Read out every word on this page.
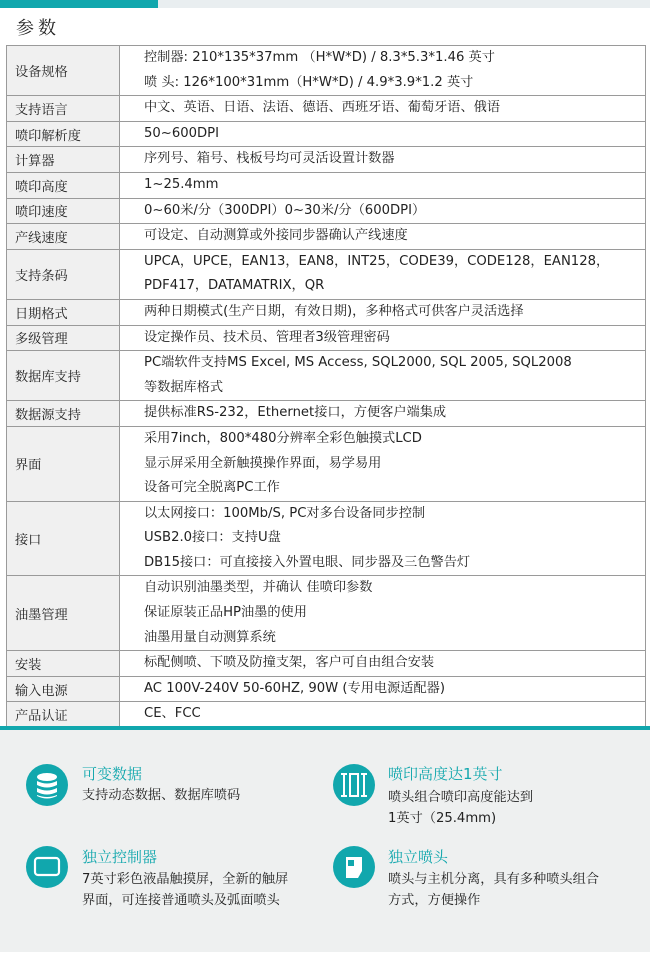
参数
设备规格	控制器: 210*135*37mm （H*W*D) / 8.3*5.3*1.46 英寸
喷 头: 126*100*31mm（H*W*D) / 4.9*3.9*1.2 英寸

支持语言	中文、英语、日语、法语、德语、西班牙语、葡萄牙语、俄语

喷印解析度	50~600DPI

计算器	序列号、箱号、栈板号均可灵活设置计数器

喷印高度	1~25.4mm

喷印速度	0~60米/分（300DPI）0~30米/分（600DPI）

产线速度	可设定、自动测算或外接同步器确认产线速度

支持条码	UPCA，UPCE，EAN13，EAN8，INT25，CODE39，CODE128，EAN128，
PDF417，DATAMATRIX，QR

日期格式	两种日期模式(生产日期，有效日期)，多种格式可供客户灵活选择

多级管理	设定操作员、技术员、管理者3级管理密码

数据库支持	PC端软件支持MS Excel, MS Access, SQL2000, SQL 2005, SQL2008
等数据库格式

数据源支持	提供标准RS-232，Ethernet接口，方便客户端集成

界面	采用7inch，800*480分辨率全彩色触摸式LCD
显示屏采用全新触摸操作界面，易学易用
设备可完全脱离PC工作

接口	以太网接口：100Mb/S, PC对多台设备同步控制
USB2.0接口：支持U盘
DB15接口：可直接接入外置电眼、同步器及三色警告灯

油墨管理	自动识别油墨类型，并确认 佳喷印参数
保证原装正品HP油墨的使用
油墨用量自动测算系统

安装	标配侧喷、下喷及防撞支架，客户可自由组合安装

输入电源	AC 100V-240V 50-60HZ, 90W (专用电源适配器)

产品认证	CE、FCC
可变数据
支持动态数据、数据库喷码
喷印高度达1英寸
喷头组合喷印高度能达到
1英寸（25.4mm)
独立控制器
7英寸彩色液晶触摸屏，全新的触屏
界面，可连接普通喷头及弧面喷头
独立喷头
喷头与主机分离，具有多种喷头组合
方式，方便操作
